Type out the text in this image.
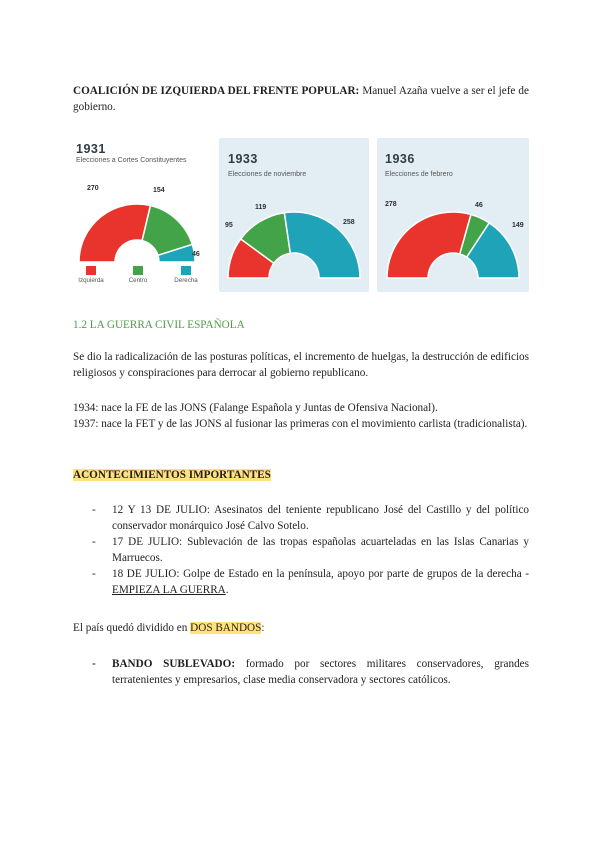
COALICIÓN DE IZQUIERDA DEL FRENTE POPULAR: Manuel Azaña vuelve a ser el jefe de gobierno.

1931
Elecciones a Cortes Constituyentes
270	154
46
Izquierda	Centro	Derecha
1933
Elecciones de noviembre
95
119
258
1936
Elecciones de febrero
278	46
149

1.2 LA GUERRA CIVIL ESPAÑOLA

Se dio la radicalización de las posturas políticas, el incremento de huelgas, la destrucción de edificios religiosos y conspiraciones para derrocar al gobierno republicano.

1934: nace la FE de las JONS (Falange Española y Juntas de Ofensiva Nacional).

1937: nace la FET y de las JONS al fusionar las primeras con el movimiento carlista (tradicionalista).

ACONTECIMIENTOS IMPORTANTES

- 12 Y 13 DE JULIO: Asesinatos del teniente republicano José del Castillo y del político conservador monárquico José Calvo Sotelo.
- 17 DE JULIO: Sublevación de las tropas españolas acuarteladas en las Islas Canarias y Marruecos.
- 18 DE JULIO: Golpe de Estado en la península, apoyo por parte de grupos de la derecha - EMPIEZA LA GUERRA.

El país quedó dividido en DOS BANDOS:

- BANDO SUBLEVADO: formado por sectores militares conservadores, grandes terratenientes y empresarios, clase media conservadora y sectores católicos.
